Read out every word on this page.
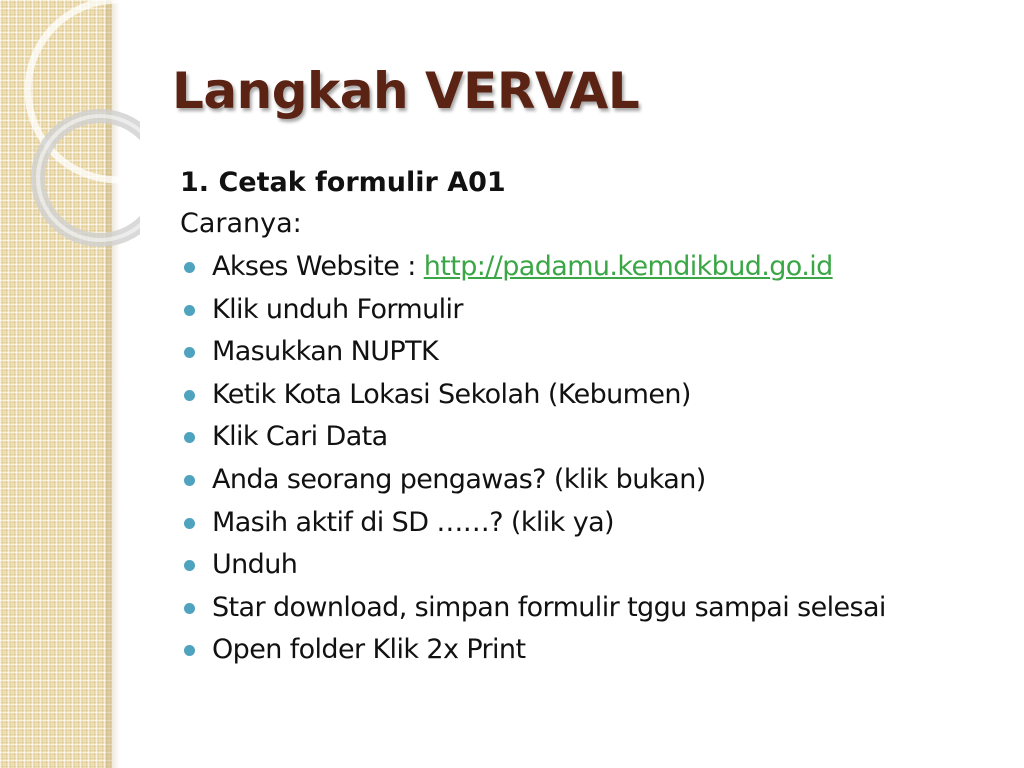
Langkah VERVAL
1. Cetak formulir A01
Caranya:
Akses Website : http://padamu.kemdikbud.go.id
Klik unduh Formulir
Masukkan NUPTK
Ketik Kota Lokasi Sekolah (Kebumen)
Klik Cari Data
Anda seorang pengawas? (klik bukan)
Masih aktif di SD ……? (klik ya)
Unduh
Star download, simpan formulir tggu sampai selesai
Open folder Klik 2x Print
